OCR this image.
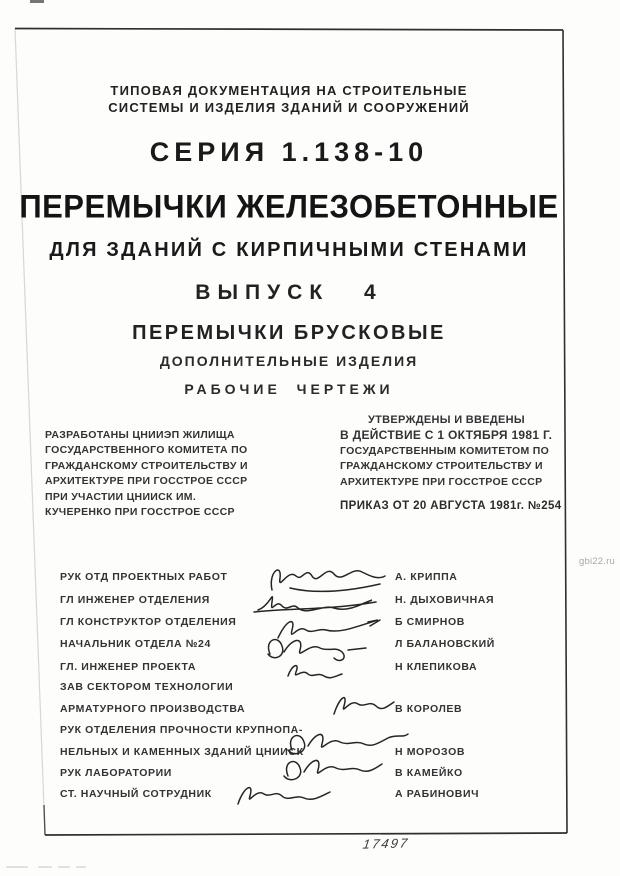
ТИПОВАЯ ДОКУМЕНТАЦИЯ НА СТРОИТЕЛЬНЫЕ
СИСТЕМЫ И ИЗДЕЛИЯ ЗДАНИЙ И СООРУЖЕНИЙ
СЕРИЯ 1.138-10
ПЕРЕМЫЧКИ ЖЕЛЕЗОБЕТОННЫЕ
ДЛЯ ЗДАНИЙ С КИРПИЧНЫМИ СТЕНАМИ
ВЫПУСК 4
ПЕРЕМЫЧКИ БРУСКОВЫЕ
ДОПОЛНИТЕЛЬНЫЕ ИЗДЕЛИЯ
РАБОЧИЕ ЧЕРТЕЖИ
РАЗРАБОТАНЫ ЦНИИЭП ЖИЛИЩА
ГОСУДАРСТВЕННОГО КОМИТЕТА ПО
ГРАЖДАНСКОМУ СТРОИТЕЛЬСТВУ И
АРХИТЕКТУРЕ ПРИ ГОССТРОЕ СССР
ПРИ УЧАСТИИ ЦНИИСК ИМ.
КУЧЕРЕНКО ПРИ ГОССТРОЕ СССР
УТВЕРЖДЕНЫ И ВВЕДЕНЫ
В ДЕЙСТВИЕ С 1 ОКТЯБРЯ 1981 Г.
ГОСУДАРСТВЕННЫМ КОМИТЕТОМ ПО
ГРАЖДАНСКОМУ СТРОИТЕЛЬСТВУ И
АРХИТЕКТУРЕ ПРИ ГОССТРОЕ СССР
ПРИКАЗ ОТ 20 АВГУСТА 1981г. №254
РУК ОТД ПРОЕКТНЫХ РАБОТ	А. КРИППА
ГЛ ИНЖЕНЕР ОТДЕЛЕНИЯ	Н. ДЫХОВИЧНАЯ
ГЛ КОНСТРУКТОР ОТДЕЛЕНИЯ	Б СМИРНОВ
НАЧАЛЬНИК ОТДЕЛА №24	Л БАЛАНОВСКИЙ
ГЛ. ИНЖЕНЕР ПРОЕКТА	Н КЛЕПИКОВА
ЗАВ СЕКТОРОМ ТЕХНОЛОГИИ
АРМАТУРНОГО ПРОИЗВОДСТВА	В КОРОЛЕВ
РУК ОТДЕЛЕНИЯ ПРОЧНОСТИ КРУПНОПА-
НЕЛЬНЫХ И КАМЕННЫХ ЗДАНИЙ ЦНИИСК	Н МОРОЗОВ
РУК ЛАБОРАТОРИИ	В КАМЕЙКО
СТ. НАУЧНЫЙ СОТРУДНИК	А РАБИНОВИЧ
17497
gbi22.ru
